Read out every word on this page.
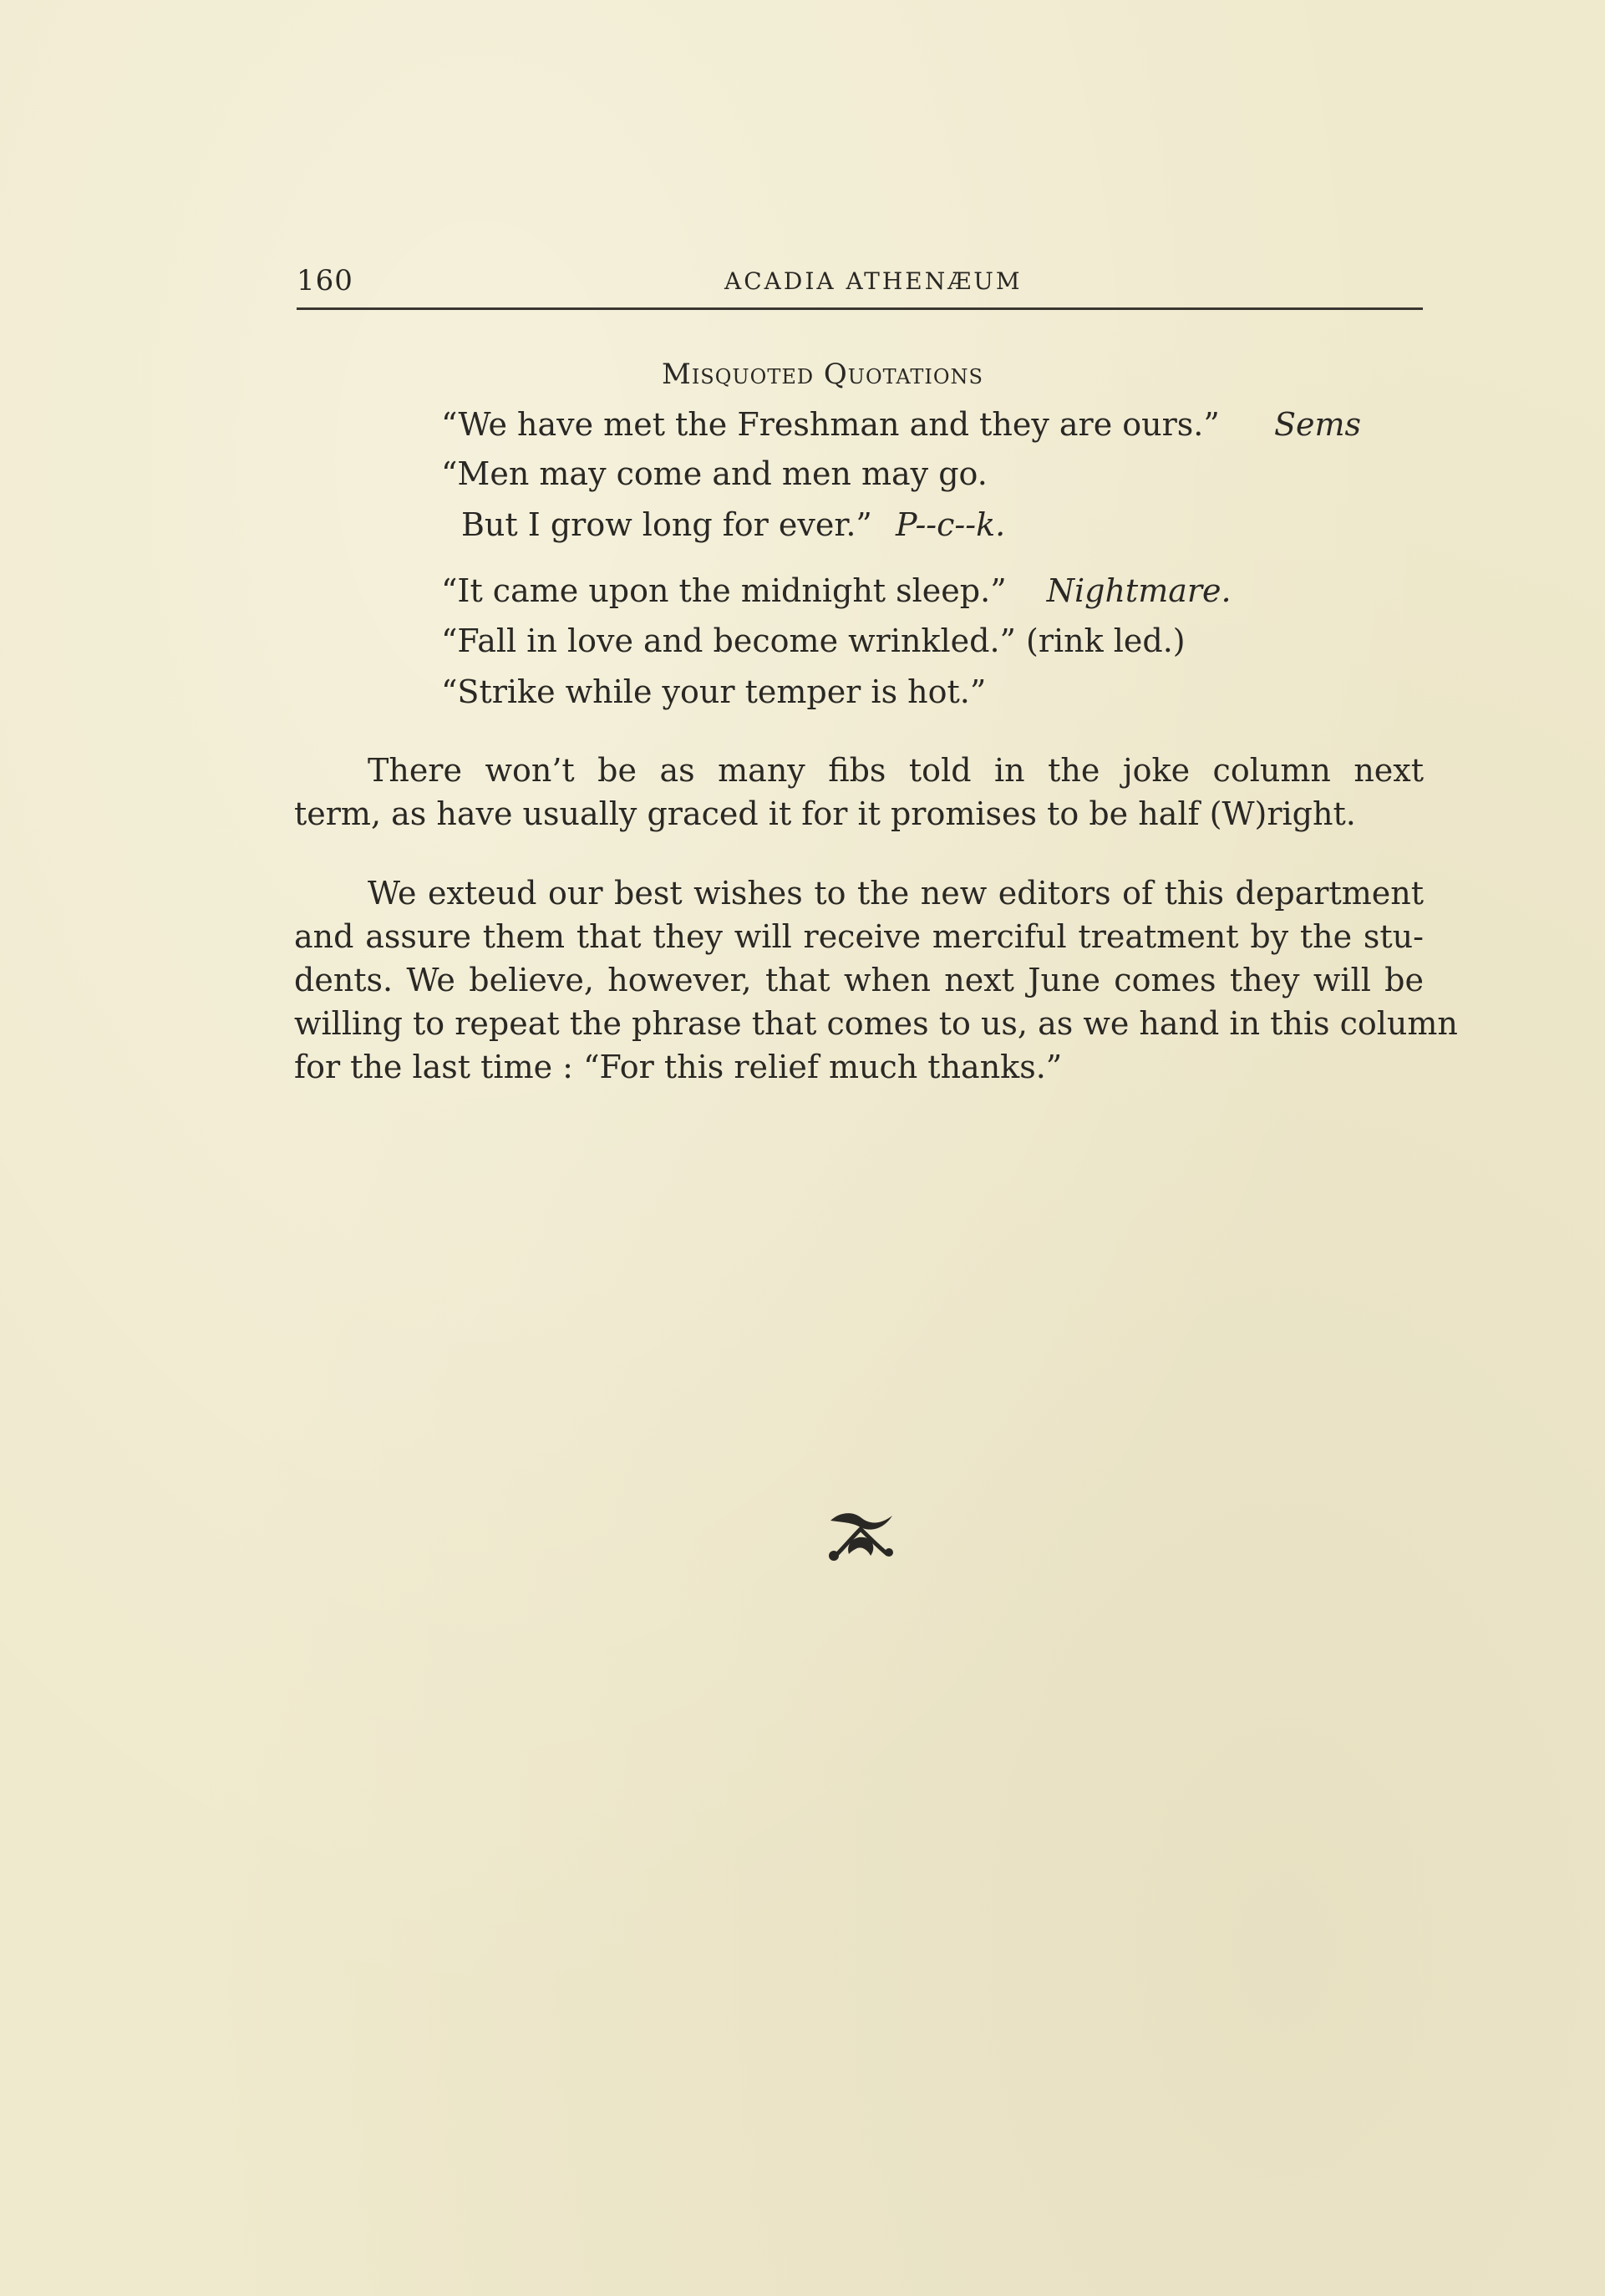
160	ACADIA ATHENÆUM
Misquoted Quotations
“We have met the Freshman and they are ours.” Sems
“Men may come and men may go.
But I grow long for ever.” P--c--k.
“It came upon the midnight sleep.” Nightmare.
“Fall in love and become wrinkled.” (rink led.)
“Strike while your temper is hot.”
There won’t be as many fibs told in the joke column next
term, as have usually graced it for it promises to be half (W)right.
We exteud our best wishes to the new editors of this department
and assure them that they will receive merciful treatment by the stu-
dents. We believe, however, that when next June comes they will be
willing to repeat the phrase that comes to us, as we hand in this column
for the last time : “For this relief much thanks.”
